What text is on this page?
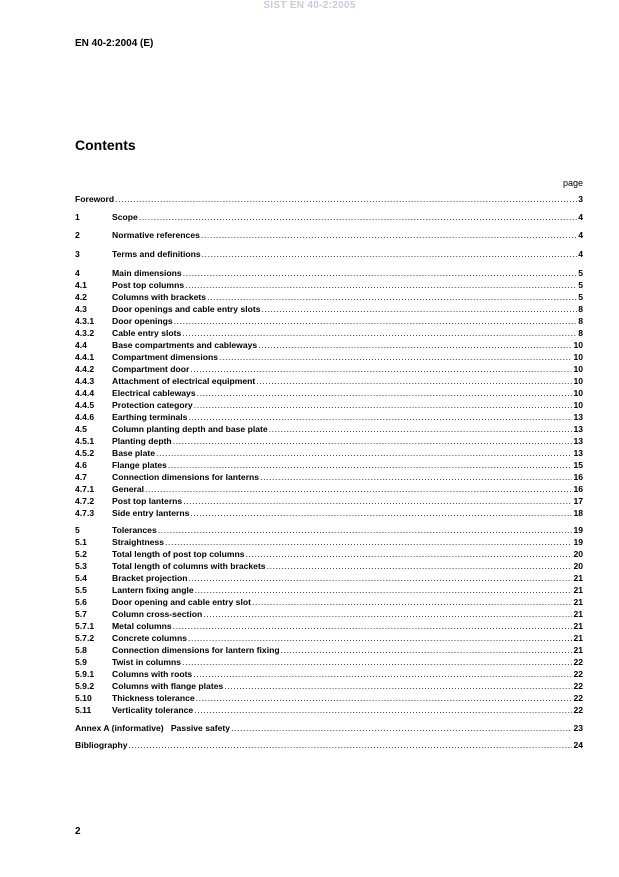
SIST EN 40-2:2005
EN 40-2:2004 (E)
Contents
page
Foreword .....	3
1	Scope .....	4
2	Normative references .....	4
3	Terms and definitions .....	4
4	Main dimensions .....	5
4.1	Post top columns .....	5
4.2	Columns with brackets .....	5
4.3	Door openings and cable entry slots .....	8
4.3.1	Door openings .....	8
4.3.2	Cable entry slots .....	8
4.4	Base compartments and cableways .....	10
4.4.1	Compartment dimensions .....	10
4.4.2	Compartment door .....	10
4.4.3	Attachment of electrical equipment .....	10
4.4.4	Electrical cableways .....	10
4.4.5	Protection category .....	10
4.4.6	Earthing terminals .....	13
4.5	Column planting depth and base plate .....	13
4.5.1	Planting depth .....	13
4.5.2	Base plate .....	13
4.6	Flange plates .....	15
4.7	Connection dimensions for lanterns .....	16
4.7.1	General .....	16
4.7.2	Post top lanterns .....	17
4.7.3	Side entry lanterns .....	18
5	Tolerances .....	19
5.1	Straightness .....	19
5.2	Total length of post top columns .....	20
5.3	Total length of columns with brackets .....	20
5.4	Bracket projection .....	21
5.5	Lantern fixing angle .....	21
5.6	Door opening and cable entry slot .....	21
5.7	Column cross-section .....	21
5.7.1	Metal columns .....	21
5.7.2	Concrete columns .....	21
5.8	Connection dimensions for lantern fixing .....	21
5.9	Twist in columns .....	22
5.9.1	Columns with roots .....	22
5.9.2	Columns with flange plates .....	22
5.10	Thickness tolerance .....	22
5.11	Verticality tolerance .....	22
Annex A (informative)   Passive safety .....	23
Bibliography .....	24
2
